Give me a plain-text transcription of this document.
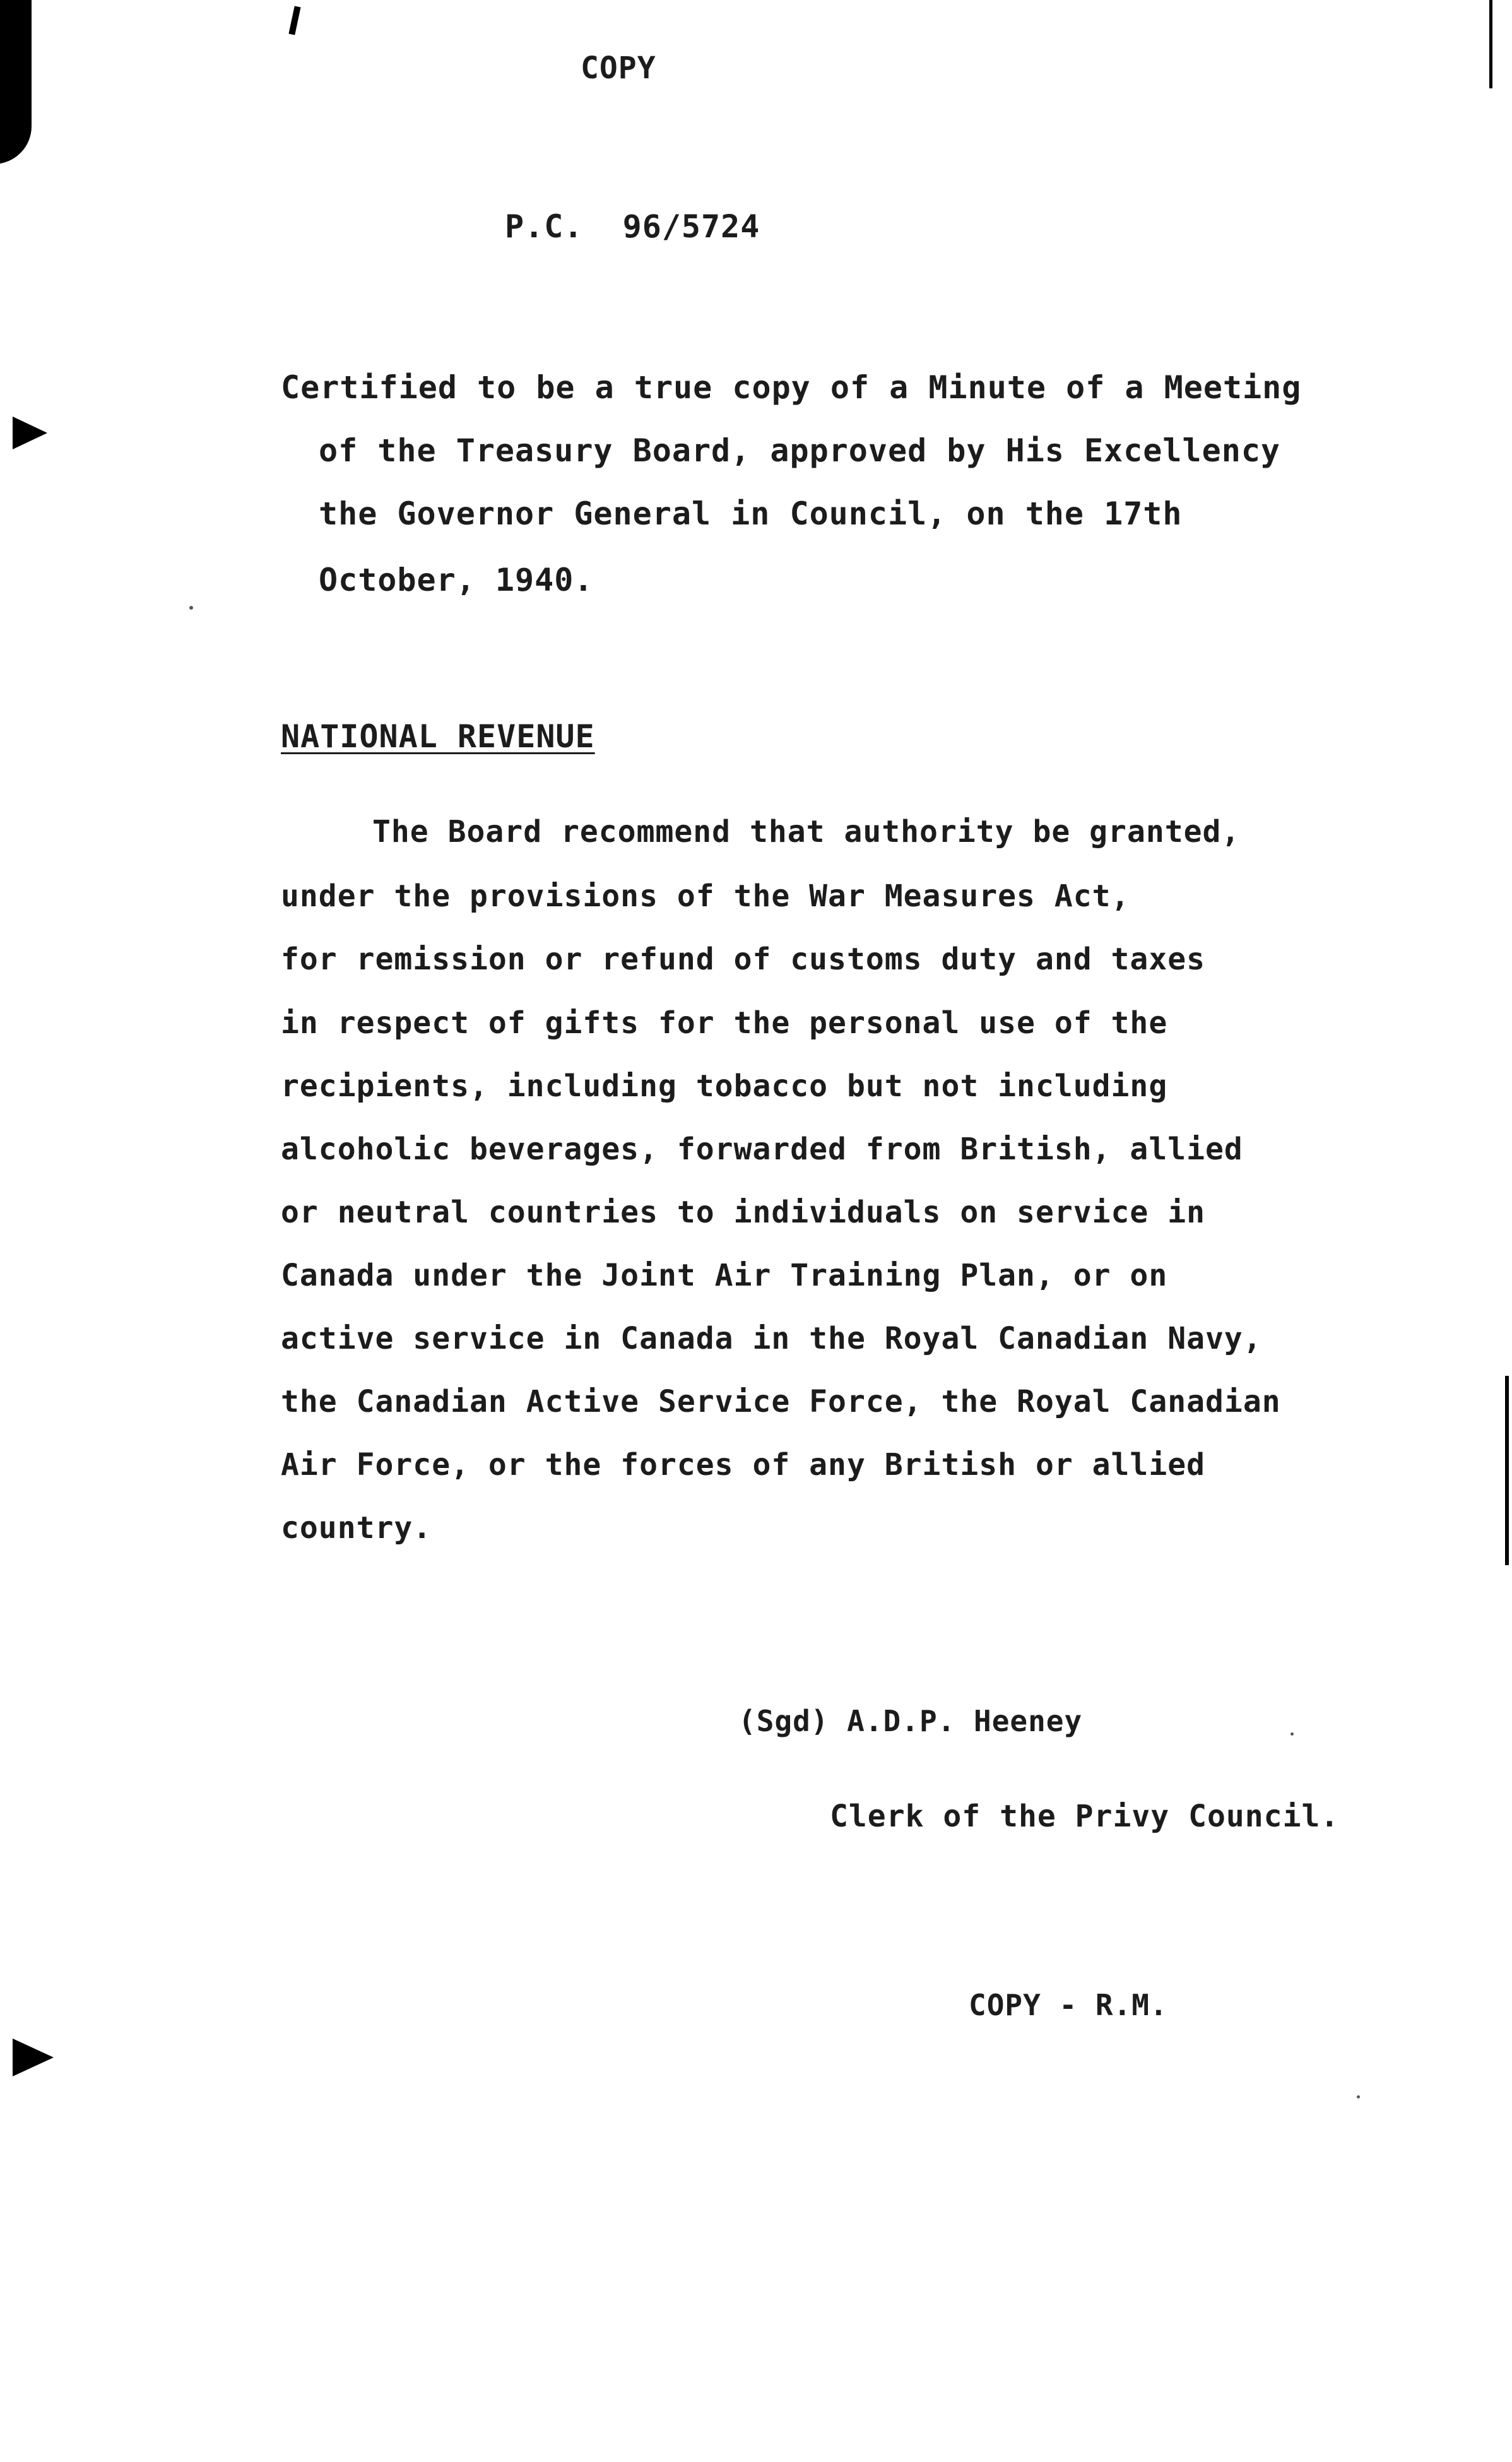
COPY
P.C.  96/5724
Certified to be a true copy of a Minute of a Meeting
of the Treasury Board, approved by His Excellency
the Governor General in Council, on the 17th
October, 1940.
NATIONAL REVENUE
The Board recommend that authority be granted,
under the provisions of the War Measures Act,
for remission or refund of customs duty and taxes
in respect of gifts for the personal use of the
recipients, including tobacco but not including
alcoholic beverages, forwarded from British, allied
or neutral countries to individuals on service in
Canada under the Joint Air Training Plan, or on
active service in Canada in the Royal Canadian Navy,
the Canadian Active Service Force, the Royal Canadian
Air Force, or the forces of any British or allied
country.
(Sgd) A.D.P. Heeney
Clerk of the Privy Council.
COPY - R.M.
